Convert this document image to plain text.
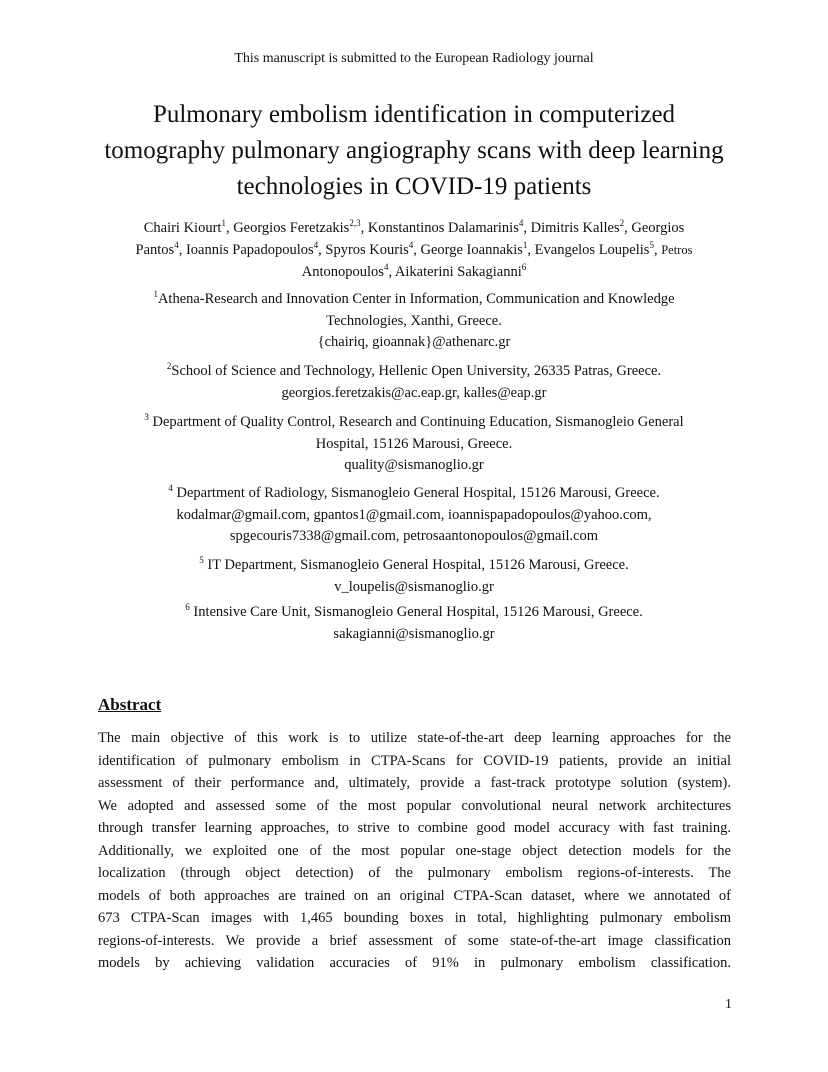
This manuscript is submitted to the European Radiology journal
Pulmonary embolism identification in computerized
tomography pulmonary angiography scans with deep learning
technologies in COVID-19 patients
Chairi Kiourt$^1$, Georgios Feretzakis$^{2,3}$, Konstantinos Dalamarinis$^4$, Dimitris Kalles$^2$, Georgios
Pantos$^4$, Ioannis Papadopoulos$^4$, Spyros Kouris$^4$, George Ioannakis$^1$, Evangelos Loupelis$^5$, Petros
Antonopoulos$^4$, Aikaterini Sakagianni$^6$
$^1$Athena-Research and Innovation Center in Information, Communication and Knowledge
Technologies, Xanthi, Greece.
{chairiq, gioannak}@athenarc.gr
$^2$School of Science and Technology, Hellenic Open University, 26335 Patras, Greece.
georgios.feretzakis@ac.eap.gr, kalles@eap.gr
$^3$ Department of Quality Control, Research and Continuing Education, Sismanogleio General
Hospital, 15126 Marousi, Greece.
quality@sismanoglio.gr
$^4$ Department of Radiology, Sismanogleio General Hospital, 15126 Marousi, Greece.
kodalmar@gmail.com, gpantos1@gmail.com, ioannispapadopoulos@yahoo.com,
spgecouris7338@gmail.com, petrosaantonopoulos@gmail.com
$^5$ IT Department, Sismanogleio General Hospital, 15126 Marousi, Greece.
v_loupelis@sismanoglio.gr
$^6$ Intensive Care Unit, Sismanogleio General Hospital, 15126 Marousi, Greece.
sakagianni@sismanoglio.gr
Abstract
The main objective of this work is to utilize state-of-the-art deep learning approaches for the
identification of pulmonary embolism in CTPA-Scans for COVID-19 patients, provide an initial
assessment of their performance and, ultimately, provide a fast-track prototype solution (system).
We adopted and assessed some of the most popular convolutional neural network architectures
through transfer learning approaches, to strive to combine good model accuracy with fast training.
Additionally, we exploited one of the most popular one-stage object detection models for the
localization (through object detection) of the pulmonary embolism regions-of-interests. The
models of both approaches are trained on an original CTPA-Scan dataset, where we annotated of
673 CTPA-Scan images with 1,465 bounding boxes in total, highlighting pulmonary embolism
regions-of-interests. We provide a brief assessment of some state-of-the-art image classification
models by achieving validation accuracies of 91% in pulmonary embolism classification.
1
